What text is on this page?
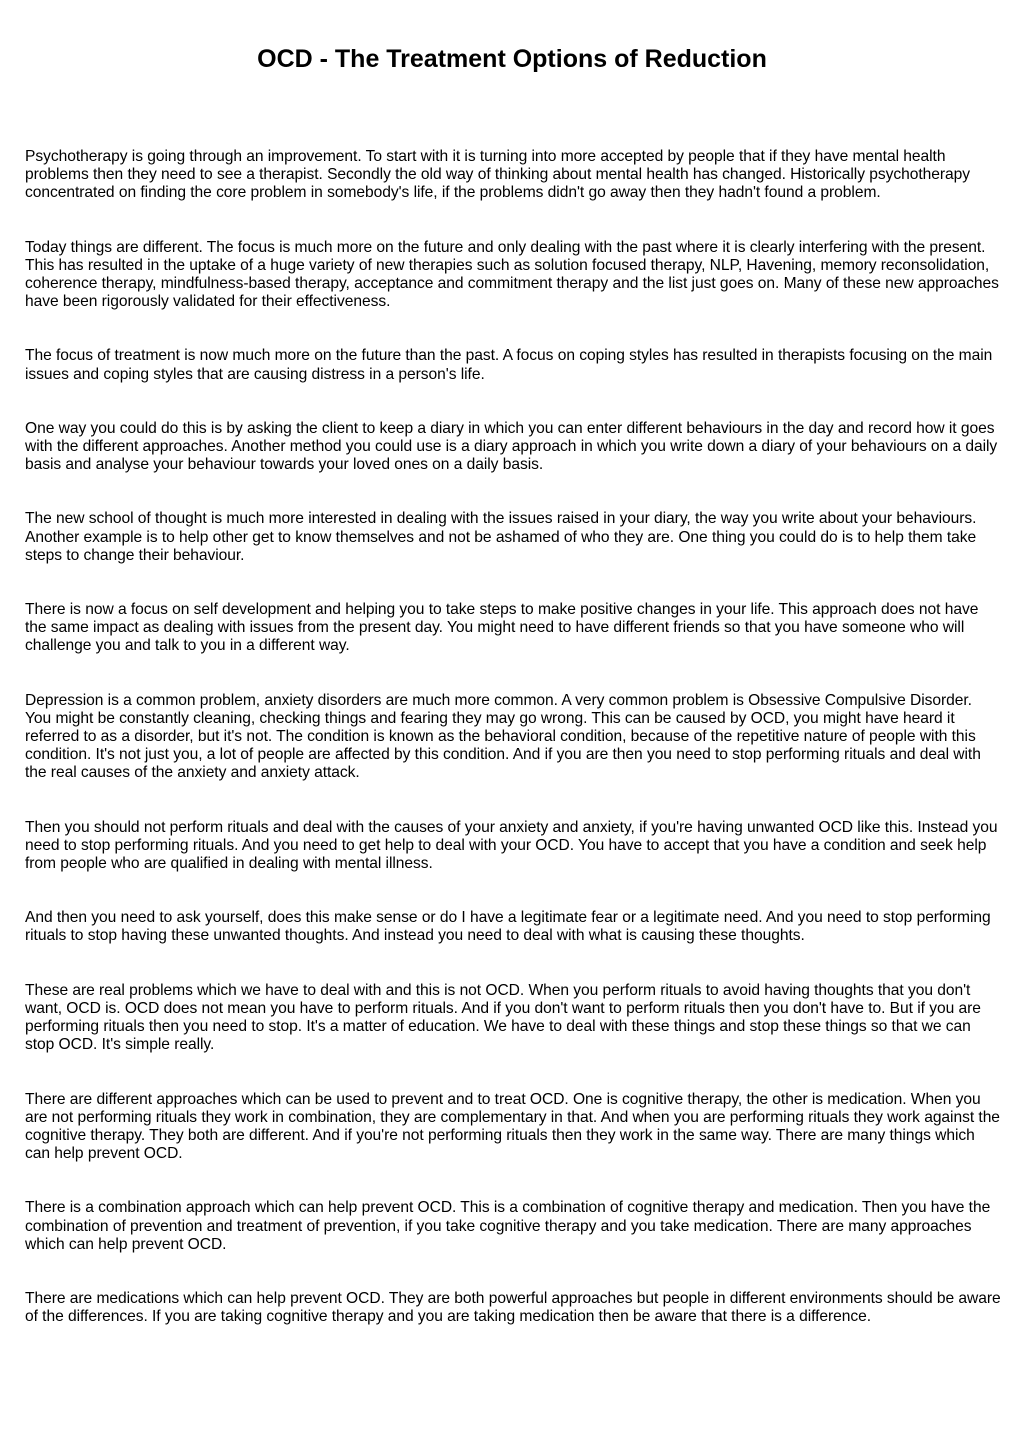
OCD - The Treatment Options of Reduction

Psychotherapy is going through an improvement. To start with it is turning into more accepted by people that if they have mental health problems then they need to see a therapist. Secondly the old way of thinking about mental health has changed. Historically psychotherapy concentrated on finding the core problem in somebody's life, if the problems didn't go away then they hadn't found a problem.

Today things are different. The focus is much more on the future and only dealing with the past where it is clearly interfering with the present. This has resulted in the uptake of a huge variety of new therapies such as solution focused therapy, NLP, Havening, memory reconsolidation, coherence therapy, mindfulness-based therapy, acceptance and commitment therapy and the list just goes on. Many of these new approaches have been rigorously validated for their effectiveness.

The focus of treatment is now much more on the future than the past. A focus on coping styles has resulted in therapists focusing on the main issues and coping styles that are causing distress in a person's life.

One way you could do this is by asking the client to keep a diary in which you can enter different behaviours in the day and record how it goes with the different approaches. Another method you could use is a diary approach in which you write down a diary of your behaviours on a daily basis and analyse your behaviour towards your loved ones on a daily basis.

The new school of thought is much more interested in dealing with the issues raised in your diary, the way you write about your behaviours. Another example is to help other get to know themselves and not be ashamed of who they are. One thing you could do is to help them take steps to change their behaviour.

There is now a focus on self development and helping you to take steps to make positive changes in your life. This approach does not have the same impact as dealing with issues from the present day. You might need to have different friends so that you have someone who will challenge you and talk to you in a different way.

Depression is a common problem, anxiety disorders are much more common. A very common problem is Obsessive Compulsive Disorder. You might be constantly cleaning, checking things and fearing they may go wrong. This can be caused by OCD, you might have heard it referred to as a disorder, but it's not. The condition is known as the behavioral condition, because of the repetitive nature of people with this condition. It's not just you, a lot of people are affected by this condition. And if you are then you need to stop performing rituals and deal with the real causes of the anxiety and anxiety attack.

Then you should not perform rituals and deal with the causes of your anxiety and anxiety, if you're having unwanted OCD like this. Instead you need to stop performing rituals. And you need to get help to deal with your OCD. You have to accept that you have a condition and seek help from people who are qualified in dealing with mental illness.

And then you need to ask yourself, does this make sense or do I have a legitimate fear or a legitimate need. And you need to stop performing rituals to stop having these unwanted thoughts. And instead you need to deal with what is causing these thoughts.

These are real problems which we have to deal with and this is not OCD. When you perform rituals to avoid having thoughts that you don't want, OCD is. OCD does not mean you have to perform rituals. And if you don't want to perform rituals then you don't have to. But if you are performing rituals then you need to stop. It's a matter of education. We have to deal with these things and stop these things so that we can stop OCD. It's simple really.

There are different approaches which can be used to prevent and to treat OCD. One is cognitive therapy, the other is medication. When you are not performing rituals they work in combination, they are complementary in that. And when you are performing rituals they work against the cognitive therapy. They both are different. And if you're not performing rituals then they work in the same way. There are many things which can help prevent OCD.

There is a combination approach which can help prevent OCD. This is a combination of cognitive therapy and medication. Then you have the combination of prevention and treatment of prevention, if you take cognitive therapy and you take medication. There are many approaches which can help prevent OCD.

There are medications which can help prevent OCD. They are both powerful approaches but people in different environments should be aware of the differences. If you are taking cognitive therapy and you are taking medication then be aware that there is a difference.
